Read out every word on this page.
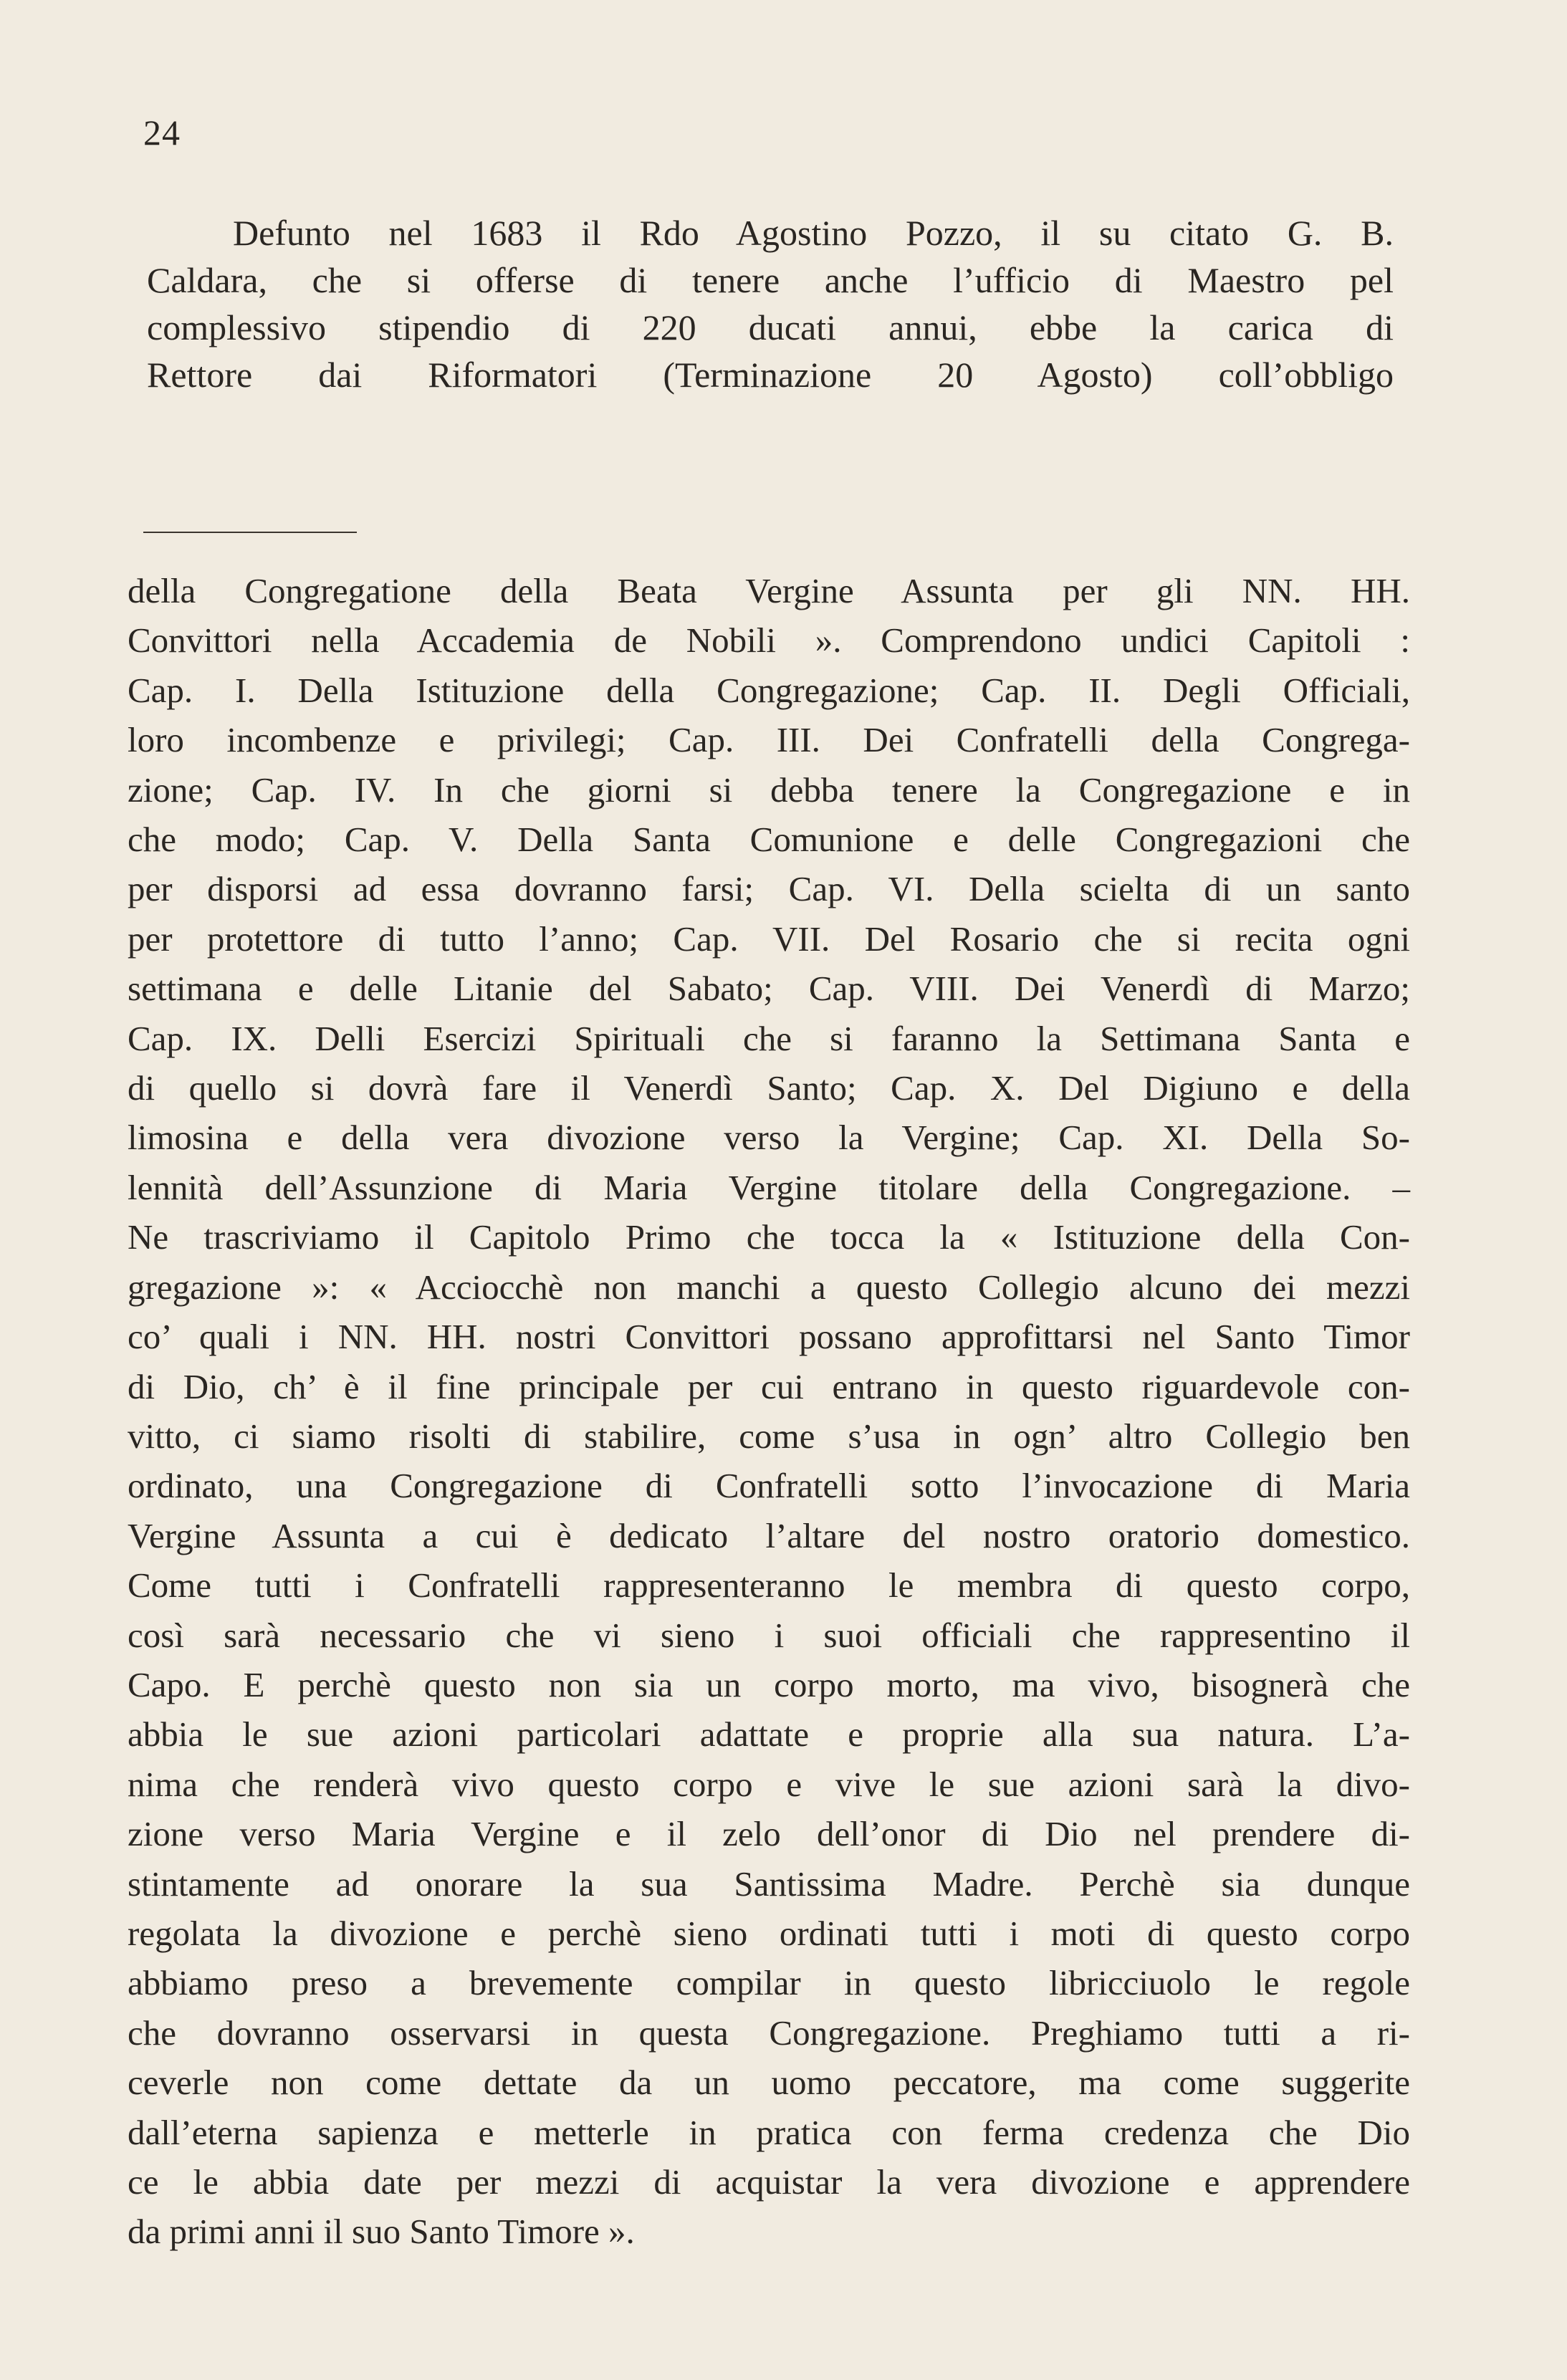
24
Defunto nel 1683 il Rdo Agostino Pozzo, il su citato G. B.
Caldara, che si offerse di tenere anche l’ufficio di Maestro pel
complessivo stipendio di 220 ducati annui, ebbe la carica di
Rettore dai Riformatori (Terminazione 20 Agosto) coll’obbligo
della Congregatione della Beata Vergine Assunta per gli NN. HH.
Convittori nella Accademia de Nobili ». Comprendono undici Capitoli :
Cap. I. Della Istituzione della Congregazione; Cap. II. Degli Officiali,
loro incombenze e privilegi; Cap. III. Dei Confratelli della Congrega-
zione; Cap. IV. In che giorni si debba tenere la Congregazione e in
che modo; Cap. V. Della Santa Comunione e delle Congregazioni che
per disporsi ad essa dovranno farsi; Cap. VI. Della scielta di un santo
per protettore di tutto l’anno; Cap. VII. Del Rosario che si recita ogni
settimana e delle Litanie del Sabato; Cap. VIII. Dei Venerdì di Marzo;
Cap. IX. Delli Esercizi Spirituali che si faranno la Settimana Santa e
di quello si dovrà fare il Venerdì Santo; Cap. X. Del Digiuno e della
limosina e della vera divozione verso la Vergine; Cap. XI. Della So-
lennità dell’Assunzione di Maria Vergine titolare della Congregazione. –
Ne trascriviamo il Capitolo Primo che tocca la « Istituzione della Con-
gregazione »: « Acciocchè non manchi a questo Collegio alcuno dei mezzi
co’ quali i NN. HH. nostri Convittori possano approfittarsi nel Santo Timor
di Dio, ch’ è il fine principale per cui entrano in questo riguardevole con-
vitto, ci siamo risolti di stabilire, come s’usa in ogn’ altro Collegio ben
ordinato, una Congregazione di Confratelli sotto l’invocazione di Maria
Vergine Assunta a cui è dedicato l’altare del nostro oratorio domestico.
Come tutti i Confratelli rappresenteranno le membra di questo corpo,
così sarà necessario che vi sieno i suoi officiali che rappresentino il
Capo. E perchè questo non sia un corpo morto, ma vivo, bisognerà che
abbia le sue azioni particolari adattate e proprie alla sua natura. L’a-
nima che renderà vivo questo corpo e vive le sue azioni sarà la divo-
zione verso Maria Vergine e il zelo dell’onor di Dio nel prendere di-
stintamente ad onorare la sua Santissima Madre. Perchè sia dunque
regolata la divozione e perchè sieno ordinati tutti i moti di questo corpo
abbiamo preso a brevemente compilar in questo libricciuolo le regole
che dovranno osservarsi in questa Congregazione. Preghiamo tutti a ri-
ceverle non come dettate da un uomo peccatore, ma come suggerite
dall’eterna sapienza e metterle in pratica con ferma credenza che Dio
ce le abbia date per mezzi di acquistar la vera divozione e apprendere
da primi anni il suo Santo Timore ».
